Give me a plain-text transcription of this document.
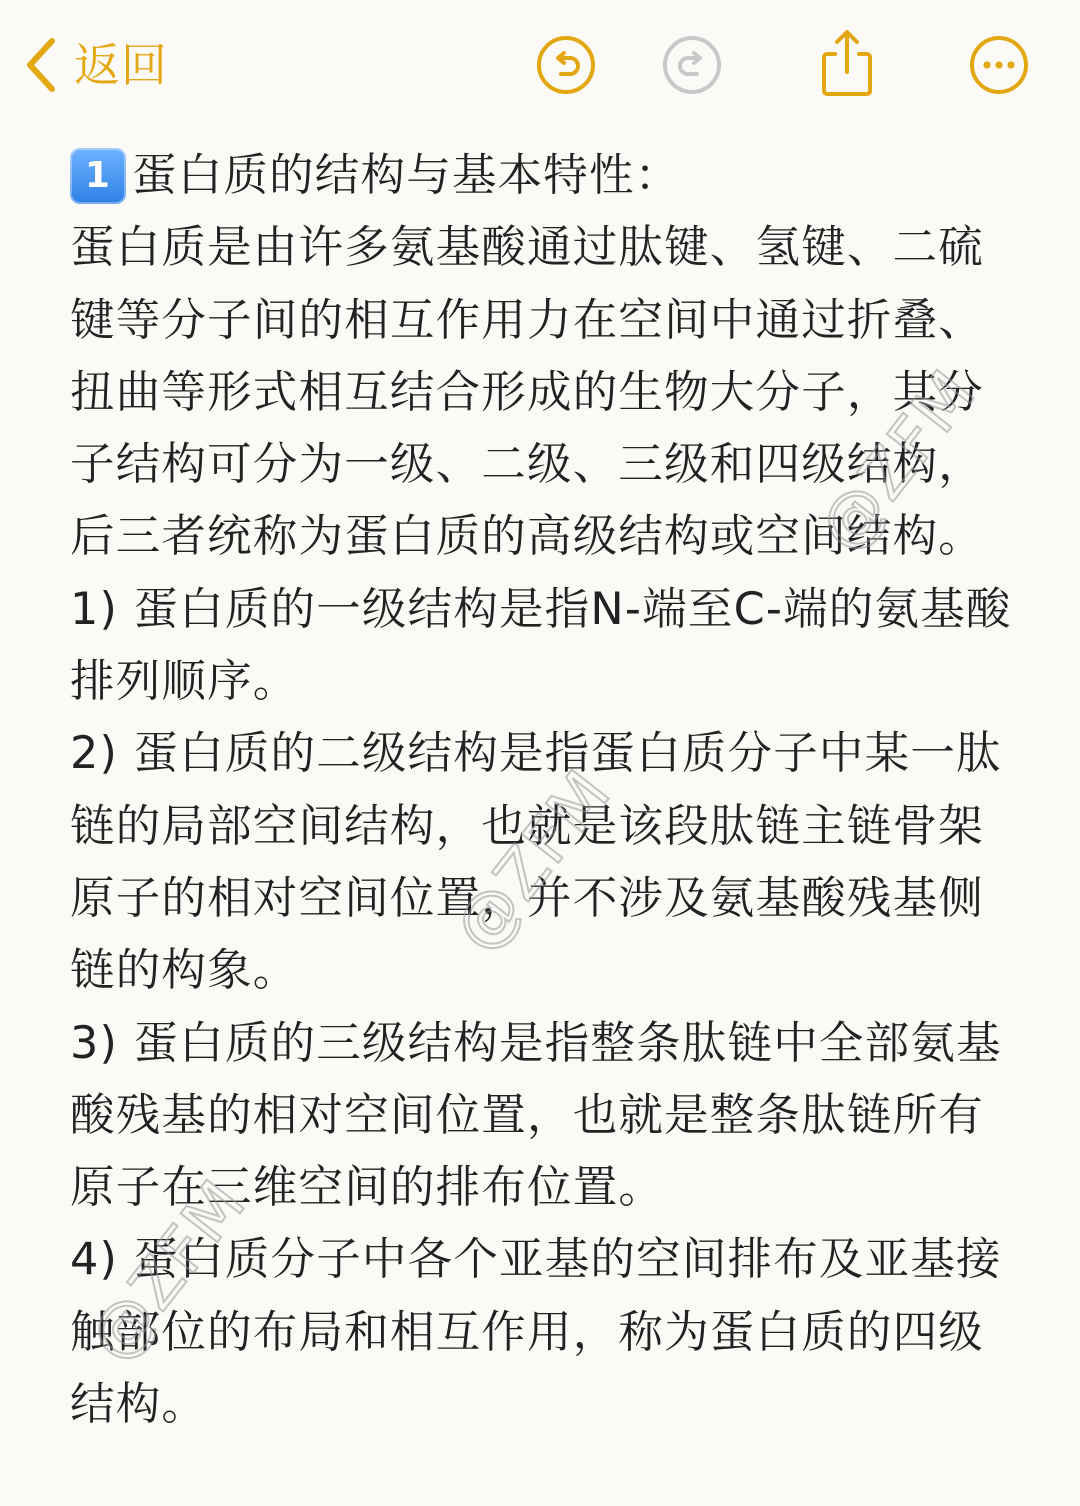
返回

1 蛋白质的结构与基本特性：

蛋白质是由许多氨基酸通过肽键、氢键、二硫键等分子间的相互作用力在空间中通过折叠、扭曲等形式相互结合形成的生物大分子，其分子结构可分为一级、二级、三级和四级结构，后三者统称为蛋白质的高级结构或空间结构。

1) 蛋白质的一级结构是指N-端至C-端的氨基酸排列顺序。

2) 蛋白质的二级结构是指蛋白质分子中某一肽链的局部空间结构，也就是该段肽链主链骨架原子的相对空间位置，并不涉及氨基酸残基侧链的构象。

3) 蛋白质的三级结构是指整条肽链中全部氨基酸残基的相对空间位置，也就是整条肽链所有原子在三维空间的排布位置。

4) 蛋白质分子中各个亚基的空间排布及亚基接触部位的布局和相互作用，称为蛋白质的四级结构。

@ZFM
@ZFM
@ZFM
